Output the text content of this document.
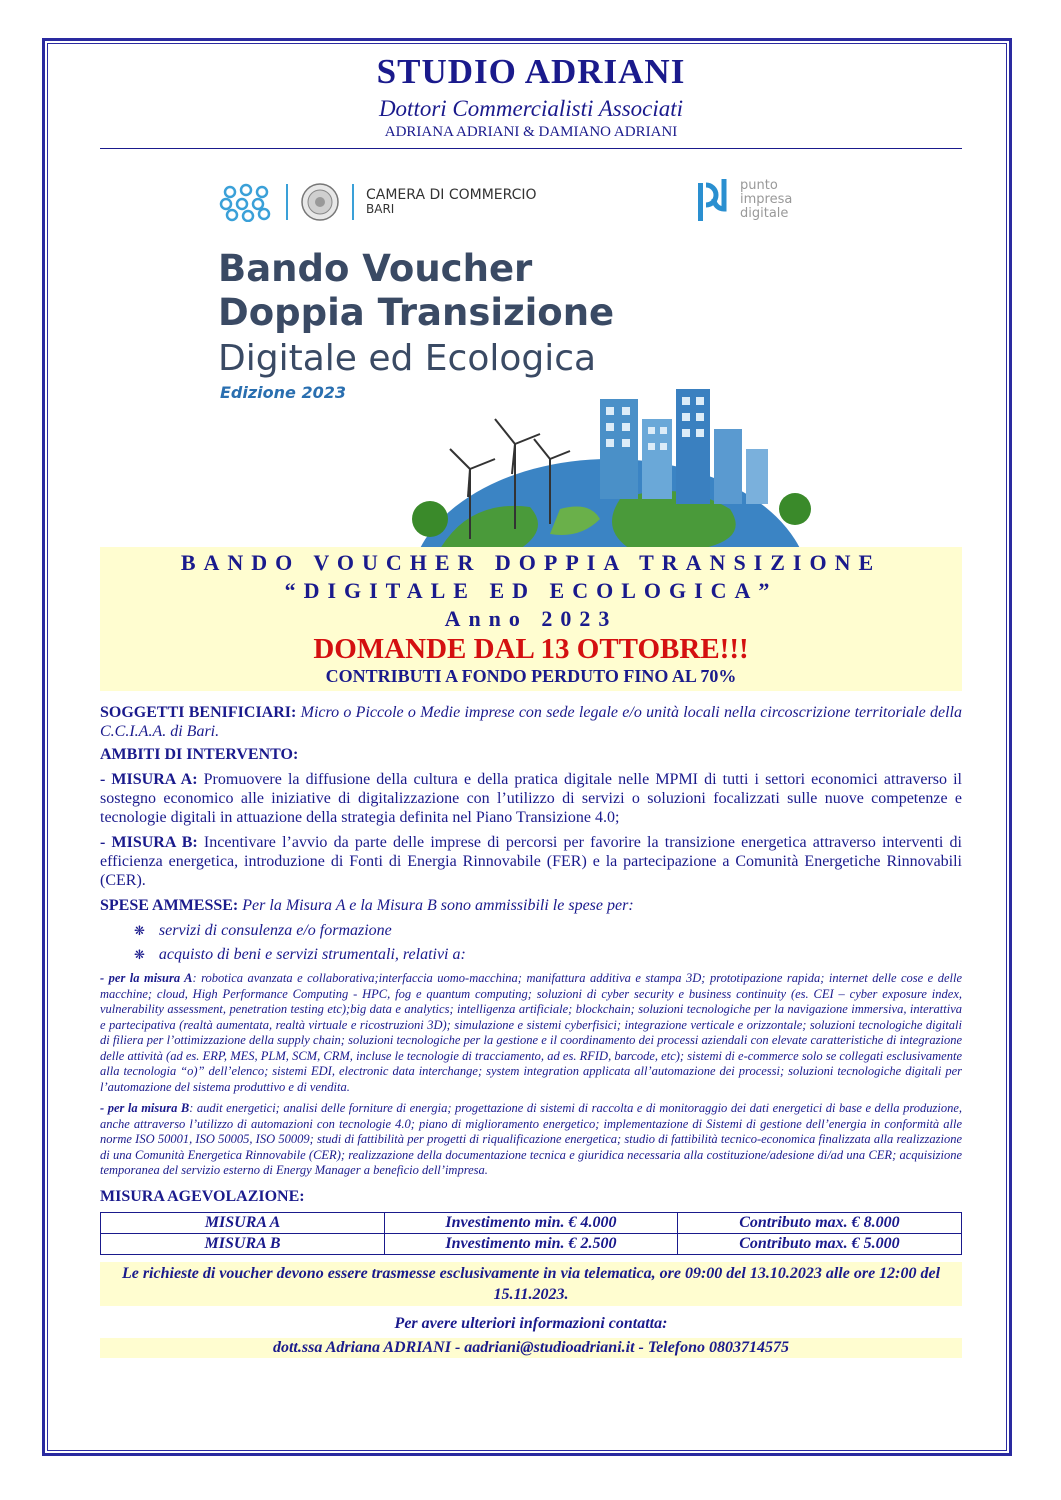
STUDIO ADRIANI
Dottori Commercialisti Associati
ADRIANA ADRIANI & DAMIANO ADRIANI
CAMERA DI COMMERCIO
BARI
punto
impresa
digitale
Bando Voucher
Doppia Transizione
Digitale ed Ecologica
Edizione 2023
BANDO VOUCHER DOPPIA TRANSIZIONE
“DIGITALE ED ECOLOGICA”
Anno 2023
DOMANDE DAL 13 OTTOBRE!!!
CONTRIBUTI A FONDO PERDUTO FINO AL 70%
SOGGETTI BENIFICIARI: Micro o Piccole o Medie imprese con sede legale e/o unità locali nella circoscrizione territoriale della C.C.I.A.A. di Bari.
AMBITI DI INTERVENTO:
- MISURA A: Promuovere la diffusione della cultura e della pratica digitale nelle MPMI di tutti i settori economici attraverso il sostegno economico alle iniziative di digitalizzazione con l’utilizzo di servizi o soluzioni focalizzati sulle nuove competenze e tecnologie digitali in attuazione della strategia definita nel Piano Transizione 4.0;
- MISURA B: Incentivare l’avvio da parte delle imprese di percorsi per favorire la transizione energetica attraverso interventi di efficienza energetica, introduzione di Fonti di Energia Rinnovabile (FER) e la partecipazione a Comunità Energetiche Rinnovabili (CER).
SPESE AMMESSE: Per la Misura A e la Misura B sono ammissibili le spese per:
❋ servizi di consulenza e/o formazione
❋ acquisto di beni e servizi strumentali, relativi a:
- per la misura A: robotica avanzata e collaborativa;interfaccia uomo-macchina; manifattura additiva e stampa 3D; prototipazione rapida; internet delle cose e delle macchine; cloud, High Performance Computing - HPC, fog e quantum computing; soluzioni di cyber security e business continuity (es. CEI – cyber exposure index, vulnerability assessment, penetration testing etc);big data e analytics; intelligenza artificiale; blockchain; soluzioni tecnologiche per la navigazione immersiva, interattiva e partecipativa (realtà aumentata, realtà virtuale e ricostruzioni 3D); simulazione e sistemi cyberfisici; integrazione verticale e orizzontale; soluzioni tecnologiche digitali di filiera per l’ottimizzazione della supply chain; soluzioni tecnologiche per la gestione e il coordinamento dei processi aziendali con elevate caratteristiche di integrazione delle attività (ad es. ERP, MES, PLM, SCM, CRM, incluse le tecnologie di tracciamento, ad es. RFID, barcode, etc); sistemi di e-commerce solo se collegati esclusivamente alla tecnologia “o)” dell’elenco; sistemi EDI, electronic data interchange; system integration applicata all’automazione dei processi; soluzioni tecnologiche digitali per l’automazione del sistema produttivo e di vendita.
- per la misura B: audit energetici; analisi delle forniture di energia; progettazione di sistemi di raccolta e di monitoraggio dei dati energetici di base e della produzione, anche attraverso l’utilizzo di automazioni con tecnologie 4.0; piano di miglioramento energetico; implementazione di Sistemi di gestione dell’energia in conformità alle norme ISO 50001, ISO 50005, ISO 50009; studi di fattibilità per progetti di riqualificazione energetica; studio di fattibilità tecnico-economica finalizzata alla realizzazione di una Comunità Energetica Rinnovabile (CER); realizzazione della documentazione tecnica e giuridica necessaria alla costituzione/adesione di/ad una CER; acquisizione temporanea del servizio esterno di Energy Manager a beneficio dell’impresa.
MISURA AGEVOLAZIONE:
MISURA A	Investimento min. € 4.000	Contributo max. € 8.000
MISURA B	Investimento min. € 2.500	Contributo max. € 5.000
Le richieste di voucher devono essere trasmesse esclusivamente in via telematica, ore 09:00 del 13.10.2023 alle ore 12:00 del 15.11.2023.
Per avere ulteriori informazioni contatta:
dott.ssa Adriana ADRIANI - aadriani@studioadriani.it - Telefono 0803714575
